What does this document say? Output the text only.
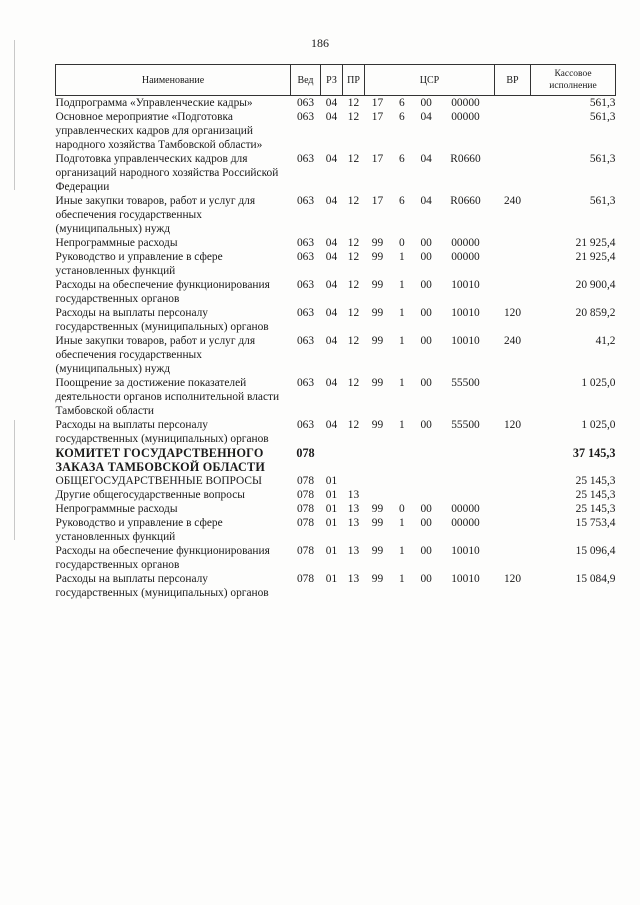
186
Наименование	Вед	РЗ	ПР	ЦСР	ВР	Кассовое
исполнение
Подпрограмма «Управленческие кадры»	063	04	12	17 6 00 00000		561,3
Основное мероприятие «Подготовка управленческих кадров для организаций народного хозяйства Тамбовской области»	063	04	12	17 6 04 00000		561,3
Подготовка управленческих кадров для организаций народного хозяйства Российской Федерации	063	04	12	17 6 04 R0660		561,3
Иные закупки товаров, работ и услуг для обеспечения государственных (муниципальных) нужд	063	04	12	17 6 04 R0660	240	561,3
Непрограммные расходы	063	04	12	99 0 00 00000		21 925,4
Руководство и управление в сфере установленных функций	063	04	12	99 1 00 00000		21 925,4
Расходы на обеспечение функционирования государственных органов	063	04	12	99 1 00 10010		20 900,4
Расходы на выплаты персоналу государственных (муниципальных) органов	063	04	12	99 1 00 10010	120	20 859,2
Иные закупки товаров, работ и услуг для обеспечения государственных (муниципальных) нужд	063	04	12	99 1 00 10010	240	41,2
Поощрение за достижение показателей деятельности органов исполнительной власти Тамбовской области	063	04	12	99 1 00 55500		1 025,0
Расходы на выплаты персоналу государственных (муниципальных) органов	063	04	12	99 1 00 55500	120	1 025,0
КОМИТЕТ ГОСУДАРСТВЕННОГО ЗАКАЗА ТАМБОВСКОЙ ОБЛАСТИ	078					37 145,3
ОБЩЕГОСУДАРСТВЕННЫЕ ВОПРОСЫ	078	01				25 145,3
Другие общегосударственные вопросы	078	01	13			25 145,3
Непрограммные расходы	078	01	13	99 0 00 00000		25 145,3
Руководство и управление в сфере установленных функций	078	01	13	99 1 00 00000		15 753,4
Расходы на обеспечение функционирования государственных органов	078	01	13	99 1 00 10010		15 096,4
Расходы на выплаты персоналу государственных (муниципальных) органов	078	01	13	99 1 00 10010	120	15 084,9
